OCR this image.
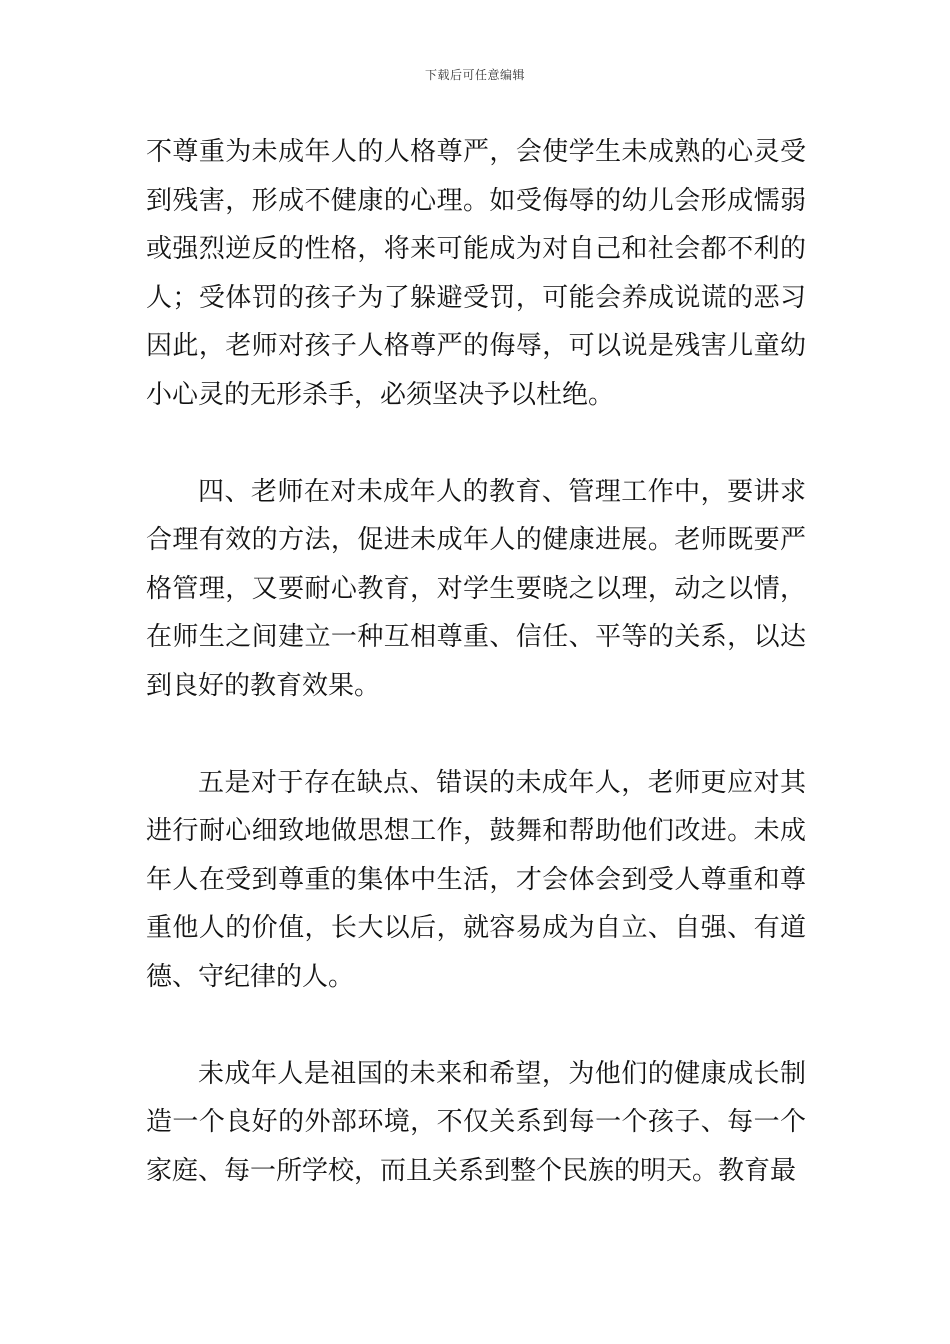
下载后可任意编辑

不尊重为未成年人的人格尊严，会使学生未成熟的心灵受到残害，形成不健康的心理。如受侮辱的幼儿会形成懦弱或强烈逆反的性格，将来可能成为对自己和社会都不利的人；受体罚的孩子为了躲避受罚，可能会养成说谎的恶习因此，老师对孩子人格尊严的侮辱，可以说是残害儿童幼小心灵的无形杀手，必须坚决予以杜绝。

四、老师在对未成年人的教育、管理工作中，要讲求合理有效的方法，促进未成年人的健康进展。老师既要严格管理，又要耐心教育，对学生要晓之以理，动之以情，在师生之间建立一种互相尊重、信任、平等的关系，以达到良好的教育效果。

五是对于存在缺点、错误的未成年人，老师更应对其进行耐心细致地做思想工作，鼓舞和帮助他们改进。未成年人在受到尊重的集体中生活，才会体会到受人尊重和尊重他人的价值，长大以后，就容易成为自立、自强、有道德、守纪律的人。

未成年人是祖国的未来和希望，为他们的健康成长制造一个良好的外部环境，不仅关系到每一个孩子、每一个家庭、每一所学校，而且关系到整个民族的明天。教育最
